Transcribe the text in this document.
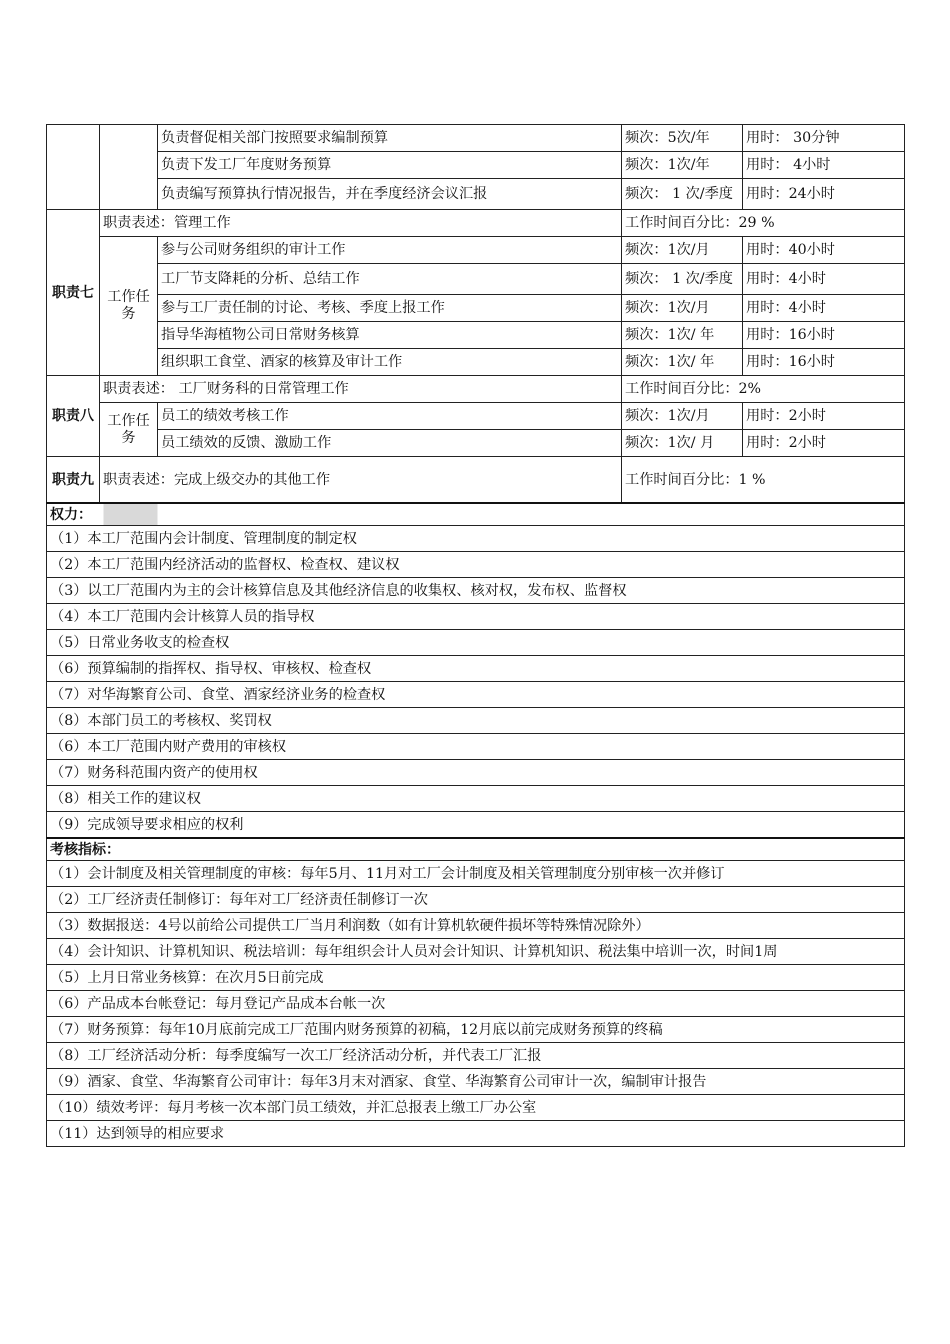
		负责督促相关部门按照要求编制预算	频次：5次/年	用时： 30分钟
		负责下发工厂年度财务预算	频次：1次/年	用时： 4小时
		负责编写预算执行情况报告，并在季度经济会议汇报	频次： 1 次/季度	用时：24小时
职责七	职责表述：管理工作		工作时间百分比：29 %	
	工作任务	参与公司财务组织的审计工作	频次：1次/月	用时：40小时
		工厂节支降耗的分析、总结工作	频次： 1 次/季度	用时：4小时
		参与工厂责任制的讨论、考核、季度上报工作	频次：1次/月	用时：4小时
		指导华海植物公司日常财务核算	频次：1次/ 年	用时：16小时
		组织职工食堂、酒家的核算及审计工作	频次：1次/ 年	用时：16小时
职责八	职责表述： 工厂财务科的日常管理工作		工作时间百分比：2%	
	工作任务	员工的绩效考核工作	频次：1次/月	用时：2小时
		员工绩效的反馈、激励工作	频次：1次/ 月	用时：2小时
职责九	职责表述：完成上级交办的其他工作		工作时间百分比：1 %	
权力：				
（1）本工厂范围内会计制度、管理制度的制定权				
（2）本工厂范围内经济活动的监督权、检查权、建议权				
（3）以工厂范围内为主的会计核算信息及其他经济信息的收集权、核对权，发布权、监督权				
（4）本工厂范围内会计核算人员的指导权				
（5）日常业务收支的检查权				
（6）预算编制的指挥权、指导权、审核权、检查权				
（7）对华海繁育公司、食堂、酒家经济业务的检查权				
（8）本部门员工的考核权、奖罚权				
（6）本工厂范围内财产费用的审核权				
（7）财务科范围内资产的使用权				
（8）相关工作的建议权				
（9）完成领导要求相应的权利				
考核指标：				
（1）会计制度及相关管理制度的审核：每年5月、11月对工厂会计制度及相关管理制度分别审核一次并修订				
（2）工厂经济责任制修订：每年对工厂经济责任制修订一次				
（3）数据报送：4号以前给公司提供工厂当月利润数（如有计算机软硬件损坏等特殊情况除外）				
（4）会计知识、计算机知识、税法培训：每年组织会计人员对会计知识、计算机知识、税法集中培训一次，时间1周				
（5）上月日常业务核算：在次月5日前完成				
（6）产品成本台帐登记：每月登记产品成本台帐一次				
（7）财务预算：每年10月底前完成工厂范围内财务预算的初稿，12月底以前完成财务预算的终稿				
（8）工厂经济活动分析：每季度编写一次工厂经济活动分析，并代表工厂汇报				
（9）酒家、食堂、华海繁育公司审计：每年3月末对酒家、食堂、华海繁育公司审计一次，编制审计报告				
（10）绩效考评：每月考核一次本部门员工绩效，并汇总报表上缴工厂办公室				
（11）达到领导的相应要求				
